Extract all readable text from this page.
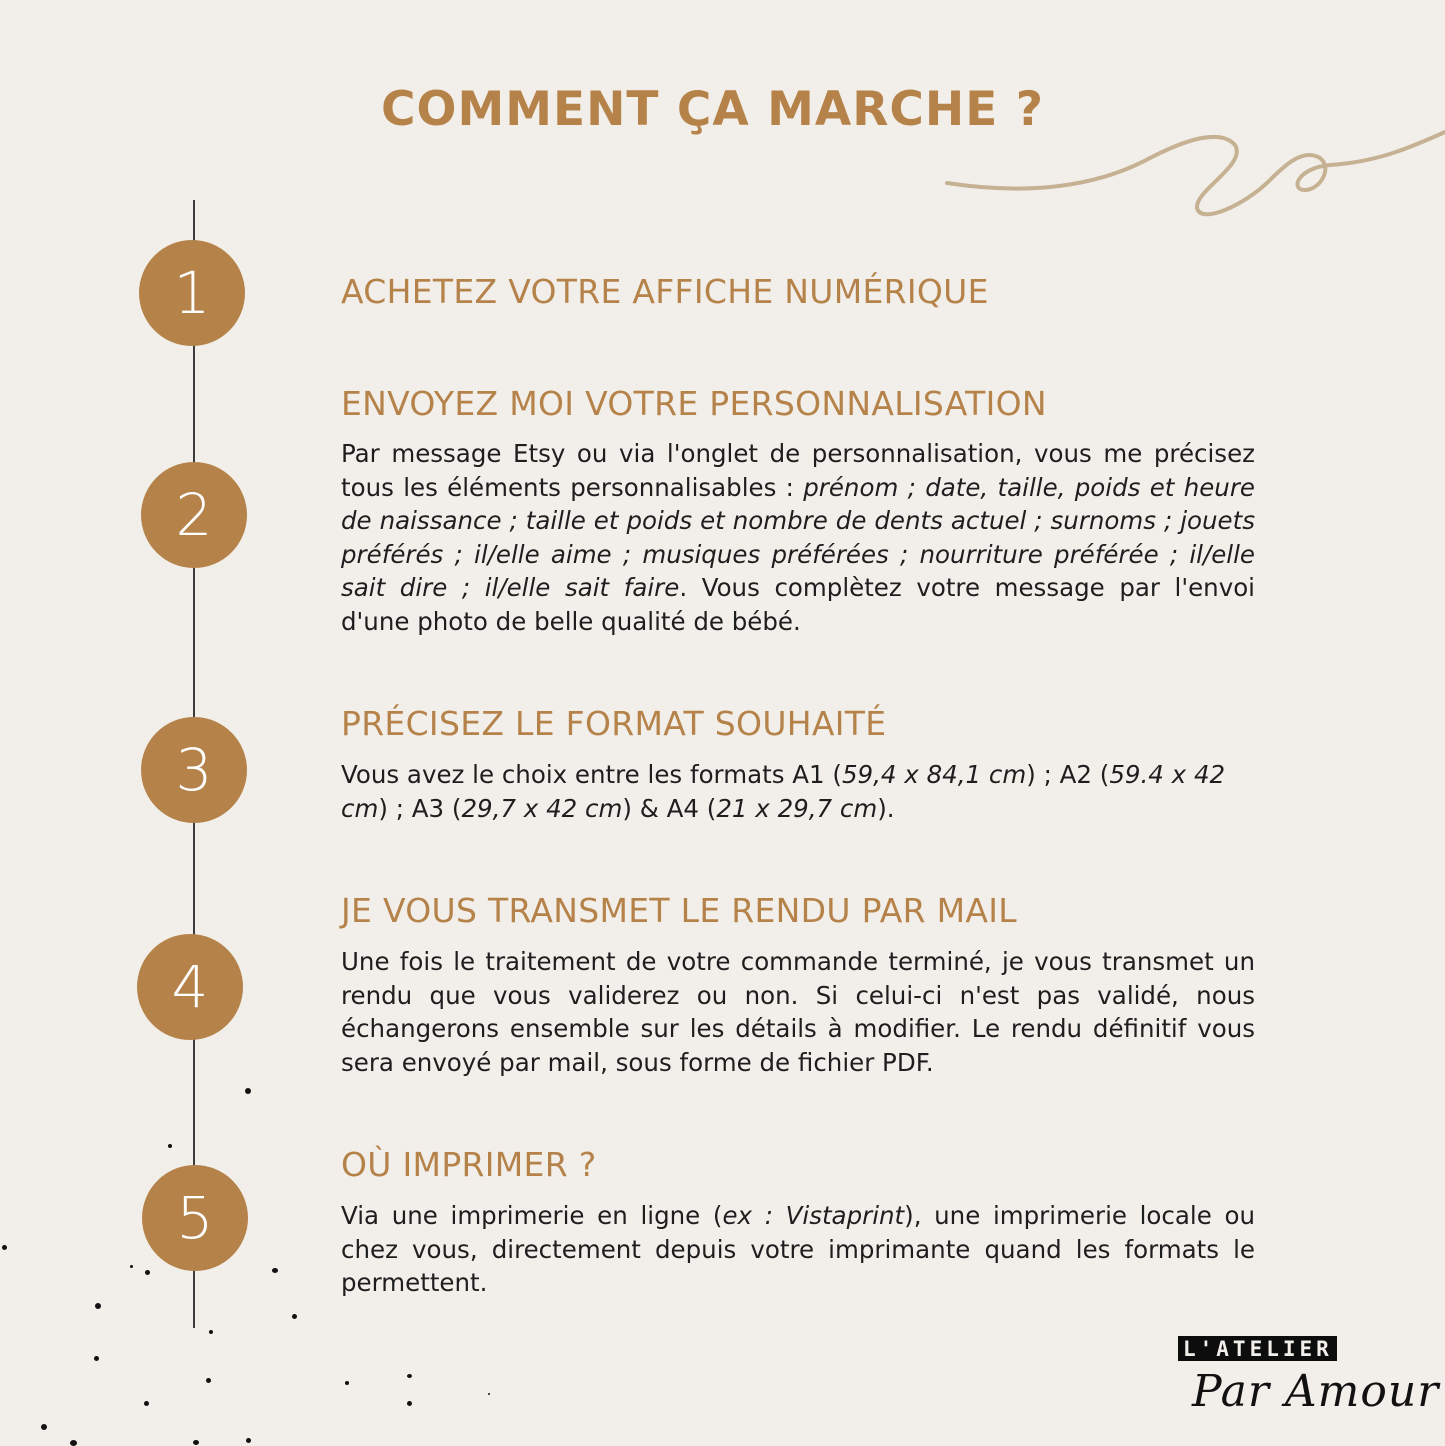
COMMENT ÇA MARCHE ?
1	ACHETEZ VOTRE AFFICHE NUMÉRIQUE
2
ENVOYEZ MOI VOTRE PERSONNALISATION
Par message Etsy ou via l'onglet de personnalisation, vous me précisez tous les éléments personnalisables : prénom ; date, taille, poids et heure de naissance ; taille et poids et nombre de dents actuel ; surnoms ; jouets préférés ; il/elle aime ; musiques préférées ; nourriture préférée ; il/elle sait dire ; il/elle sait faire. Vous complètez votre message par l'envoi d'une photo de belle qualité de bébé.
3
PRÉCISEZ LE FORMAT SOUHAITÉ
Vous avez le choix entre les formats A1 (59,4 x 84,1 cm) ; A2 (59.4 x 42 cm) ; A3 (29,7 x 42 cm) & A4 (21 x 29,7 cm).
4
JE VOUS TRANSMET LE RENDU PAR MAIL
Une fois le traitement de votre commande terminé, je vous transmet un rendu que vous validerez ou non. Si celui-ci n'est pas validé, nous échangerons ensemble sur les détails à modifier. Le rendu définitif vous sera envoyé par mail, sous forme de fichier PDF.
5
OÙ IMPRIMER ?
Via une imprimerie en ligne (ex : Vistaprint), une imprimerie locale ou chez vous, directement depuis votre imprimante quand les formats le permettent.
L'ATELIER
Par Amour
